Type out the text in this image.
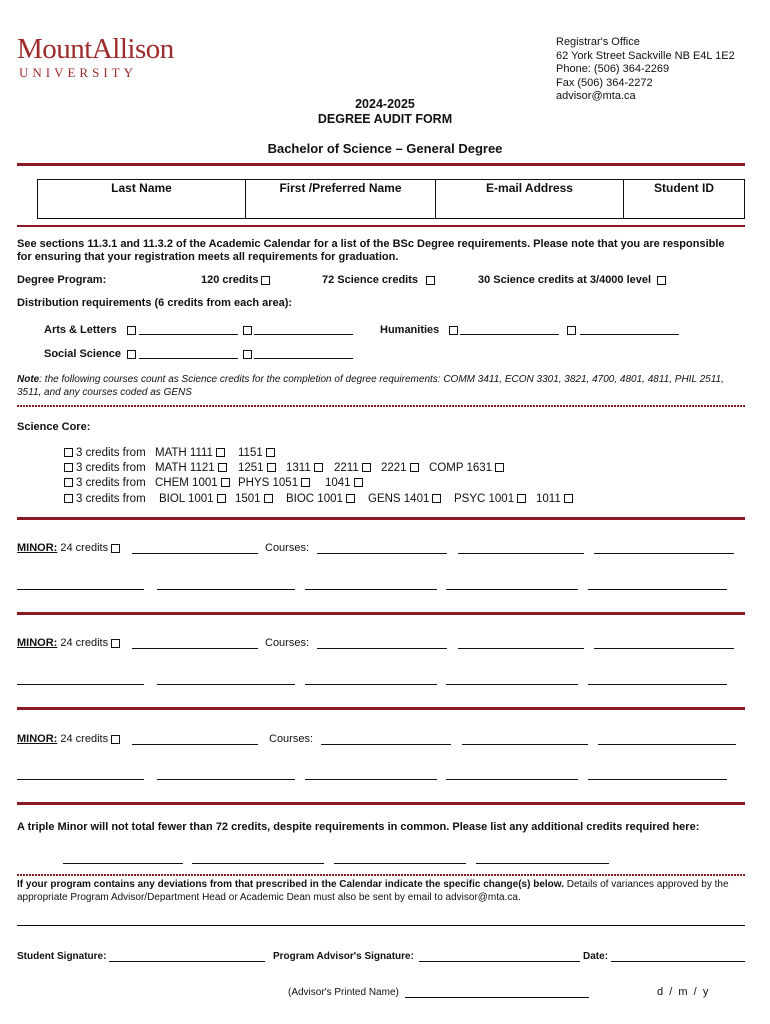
MountAllison
UNIVERSITY
Registrar's Office
62 York Street Sackville NB E4L 1E2
Phone: (506) 364-2269
Fax (506) 364-2272
advisor@mta.ca
2024-2025
DEGREE AUDIT FORM
Bachelor of Science – General Degree
Last Name	First /Preferred Name	E-mail Address	Student ID
See sections 11.3.1 and 11.3.2 of the Academic Calendar for a list of the BSc Degree requirements. Please note that you are responsible
for ensuring that your registration meets all requirements for graduation.
Degree Program:	120 credits	72 Science credits	30 Science credits at 3/4000 level
Distribution requirements (6 credits from each area):
Arts & Letters	Humanities
Social Science
Note: the following courses count as Science credits for the completion of degree requirements: COMM 3411, ECON 3301, 3821, 4700, 4801, 4811, PHIL 2511,
3511, and any courses coded as GENS
Science Core:
3 credits from MATH 1111	1151
3 credits from MATH 1121	1251	1311	2211	2221	COMP 1631
3 credits from CHEM 1001	PHYS 1051	1041
3 credits from BIOL 1001	1501	BIOC 1001	GENS 1401	PSYC 1001	1011
MINOR: 24 credits	Courses:
MINOR: 24 credits	Courses:
MINOR: 24 credits	Courses:
A triple Minor will not total fewer than 72 credits, despite requirements in common. Please list any additional credits required here:
If your program contains any deviations from that prescribed in the Calendar indicate the specific change(s) below. Details of variances approved by the
appropriate Program Advisor/Department Head or Academic Dean must also be sent by email to advisor@mta.ca.
Student Signature:	Program Advisor's Signature:	Date:
(Advisor's Printed Name)	d  /  m  /  y
